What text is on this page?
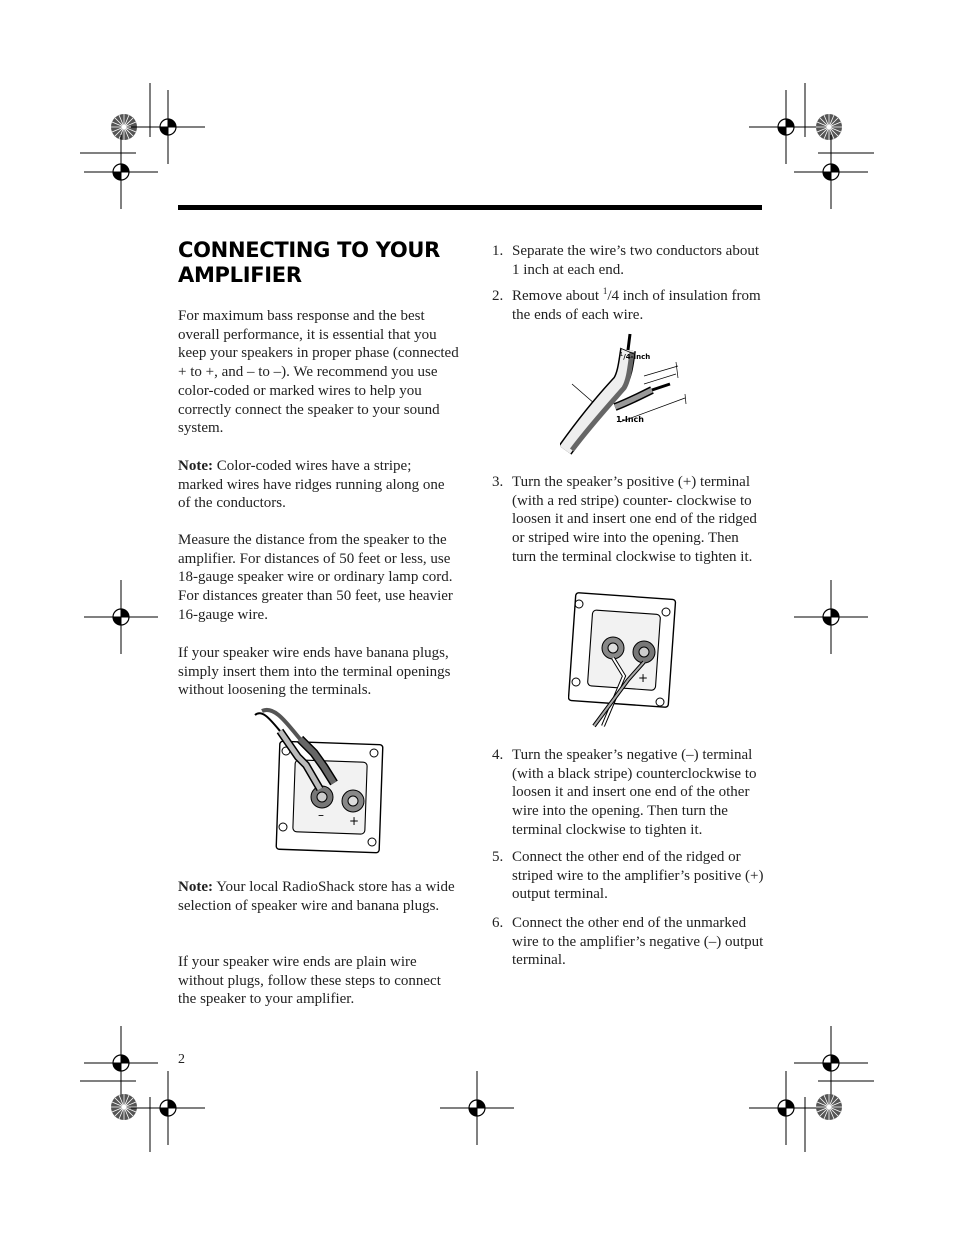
CONNECTING TO YOUR AMPLIFIER

For maximum bass response and the best overall performance, it is essential that you keep your speakers in proper phase (connected + to +, and – to –). We recommend you use color-coded or marked wires to help you correctly connect the speaker to your sound system.

Note: Color-coded wires have a stripe; marked wires have ridges running along one of the conductors.

Measure the distance from the speaker to the amplifier. For distances of 50 feet or less, use 18-gauge speaker wire or ordinary lamp cord. For distances greater than 50 feet, use heavier 16-gauge wire.

If your speaker wire ends have banana plugs, simply insert them into the terminal openings without loosening the terminals.

– +

Note: Your local RadioShack store has a wide selection of speaker wire and banana plugs.

If your speaker wire ends are plain wire without plugs, follow these steps to connect the speaker to your amplifier.

1. Separate the wire’s two conductors about 1 inch at each end.
2. Remove about $^1$/4 inch of insulation from the ends of each wire.
$^1$/4-Inch
1-Inch
3. Turn the speaker’s positive (+) terminal (with a red stripe) counter- clockwise to loosen it and insert one end of the ridged or striped wire into the opening. Then turn the terminal clockwise to tighten it.
+
4. Turn the speaker’s negative (–) terminal (with a black stripe) counterclockwise to loosen it and insert one end of the other wire into the opening. Then turn the terminal clockwise to tighten it.
5. Connect the other end of the ridged or striped wire to the amplifier’s positive (+) output terminal.
6. Connect the other end of the unmarked wire to the amplifier’s negative (–) output terminal.
2
